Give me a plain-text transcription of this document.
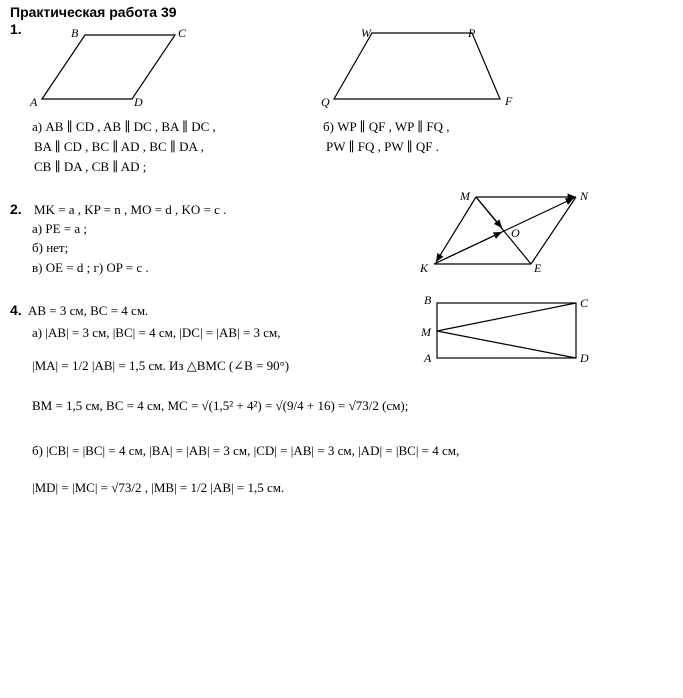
Практическая работа 39
1.
A
B	C
D
W	P
Q	F
M	N
O
K	E
B	C
M
A	D
а) AB ∥ CD , AB ∥ DC , BA ∥ DC ,
BA ∥ CD , BC ∥ AD , BC ∥ DA ,
CB ∥ DA , CB ∥ AD ;
б) WP ∥ QF , WP ∥ FQ ,
PW ∥ FQ , PW ∥ QF .
2. MK = a , KP = n , MO = d , KO = c .
а) PE = a ;
б) нет;
в) OE = d ; г) OP = c .
4. AB = 3 см, BC = 4 см.
а) |AB| = 3 см, |BC| = 4 см, |DC| = |AB| = 3 см,
|MA| = 1/2 |AB| = 1,5 см. Из △BMC (∠B = 90°)
BM = 1,5 см, BC = 4 см, MC = √(1,5² + 4²) = √(9/4 + 16) = √73/2 (см);
б) |CB| = |BC| = 4 см, |BA| = |AB| = 3 см, |CD| = |AB| = 3 см, |AD| = |BC| = 4 см,
|MD| = |MC| = √73/2 , |MB| = 1/2 |AB| = 1,5 см.
